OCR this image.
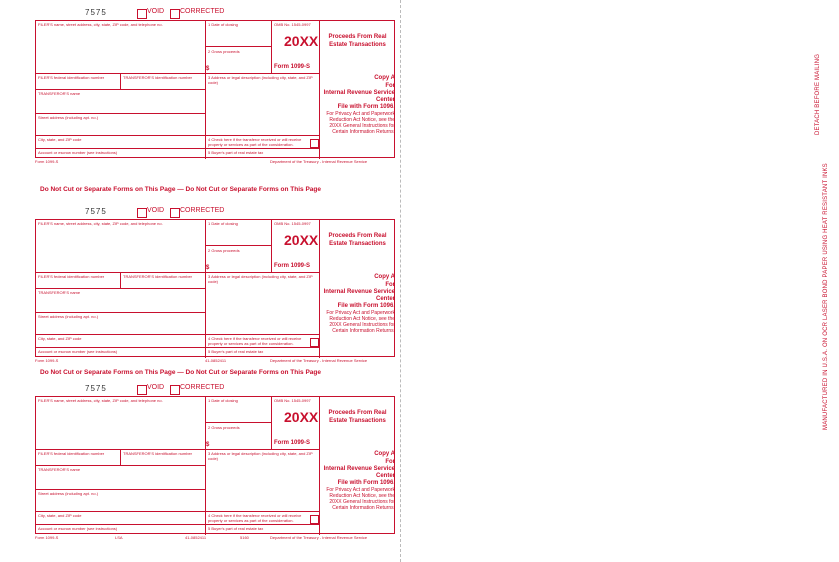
7575	VOID CORRECTED
FILER'S name, street address, city, state, ZIP code, and telephone no.	1 Date of closing
2 Gross proceeds
$
OMB No. 1545-0997
20XX
Form 1099-S
Proceeds From Real Estate Transactions
FILER'S federal identification number	TRANSFEROR'S identification number	3 Address or legal description (including city, state, and ZIP code)
Copy A
For
Internal Revenue Service Center
File with Form 1096.
For Privacy Act and Paperwork Reduction Act Notice, see the 20XX General Instructions for Certain Information Returns.
TRANSFEROR'S name
Street address (including apt. no.)
City, state, and ZIP code	4 Check here if the transferor received or will receive property or services as part of the consideration.
Account or escrow number (see instructions)	5 Buyer's part of real estate tax
Form 1099-S	Department of the Treasury - Internal Revenue Service
Do Not Cut or Separate Forms on This Page — Do Not Cut or Separate Forms on This Page
7575	VOID CORRECTED
FILER'S name, street address, city, state, ZIP code, and telephone no.	1 Date of closing
2 Gross proceeds
$
OMB No. 1545-0997
20XX
Form 1099-S
Proceeds From Real Estate Transactions
FILER'S federal identification number	TRANSFEROR'S identification number	3 Address or legal description (including city, state, and ZIP code)
Copy A
For
Internal Revenue Service Center
File with Form 1096.
For Privacy Act and Paperwork Reduction Act Notice, see the 20XX General Instructions for Certain Information Returns.
TRANSFEROR'S name
Street address (including apt. no.)
City, state, and ZIP code	4 Check here if the transferor received or will receive property or services as part of the consideration.
Account or escrow number (see instructions)	5 Buyer's part of real estate tax
Form 1099-S	41-0852411	Department of the Treasury - Internal Revenue Service
Do Not Cut or Separate Forms on This Page — Do Not Cut or Separate Forms on This Page
7575	VOID CORRECTED
FILER'S name, street address, city, state, ZIP code, and telephone no.	1 Date of closing
2 Gross proceeds
$
OMB No. 1545-0997
20XX
Form 1099-S
Proceeds From Real Estate Transactions
FILER'S federal identification number	TRANSFEROR'S identification number	3 Address or legal description (including city, state, and ZIP code)
Copy A
For
Internal Revenue Service Center
File with Form 1096.
For Privacy Act and Paperwork Reduction Act Notice, see the 20XX General Instructions for Certain Information Returns.
TRANSFEROR'S name
Street address (including apt. no.)
City, state, and ZIP code	4 Check here if the transferor received or will receive property or services as part of the consideration.
Account or escrow number (see instructions)	5 Buyer's part of real estate tax
Form 1099-S	LSA	41-0852411	5160	Department of the Treasury - Internal Revenue Service
DETACH BEFORE MAILING
MANUFACTURED IN U.S.A. ON OCR LASER BOND PAPER USING HEAT RESISTANT INKS
